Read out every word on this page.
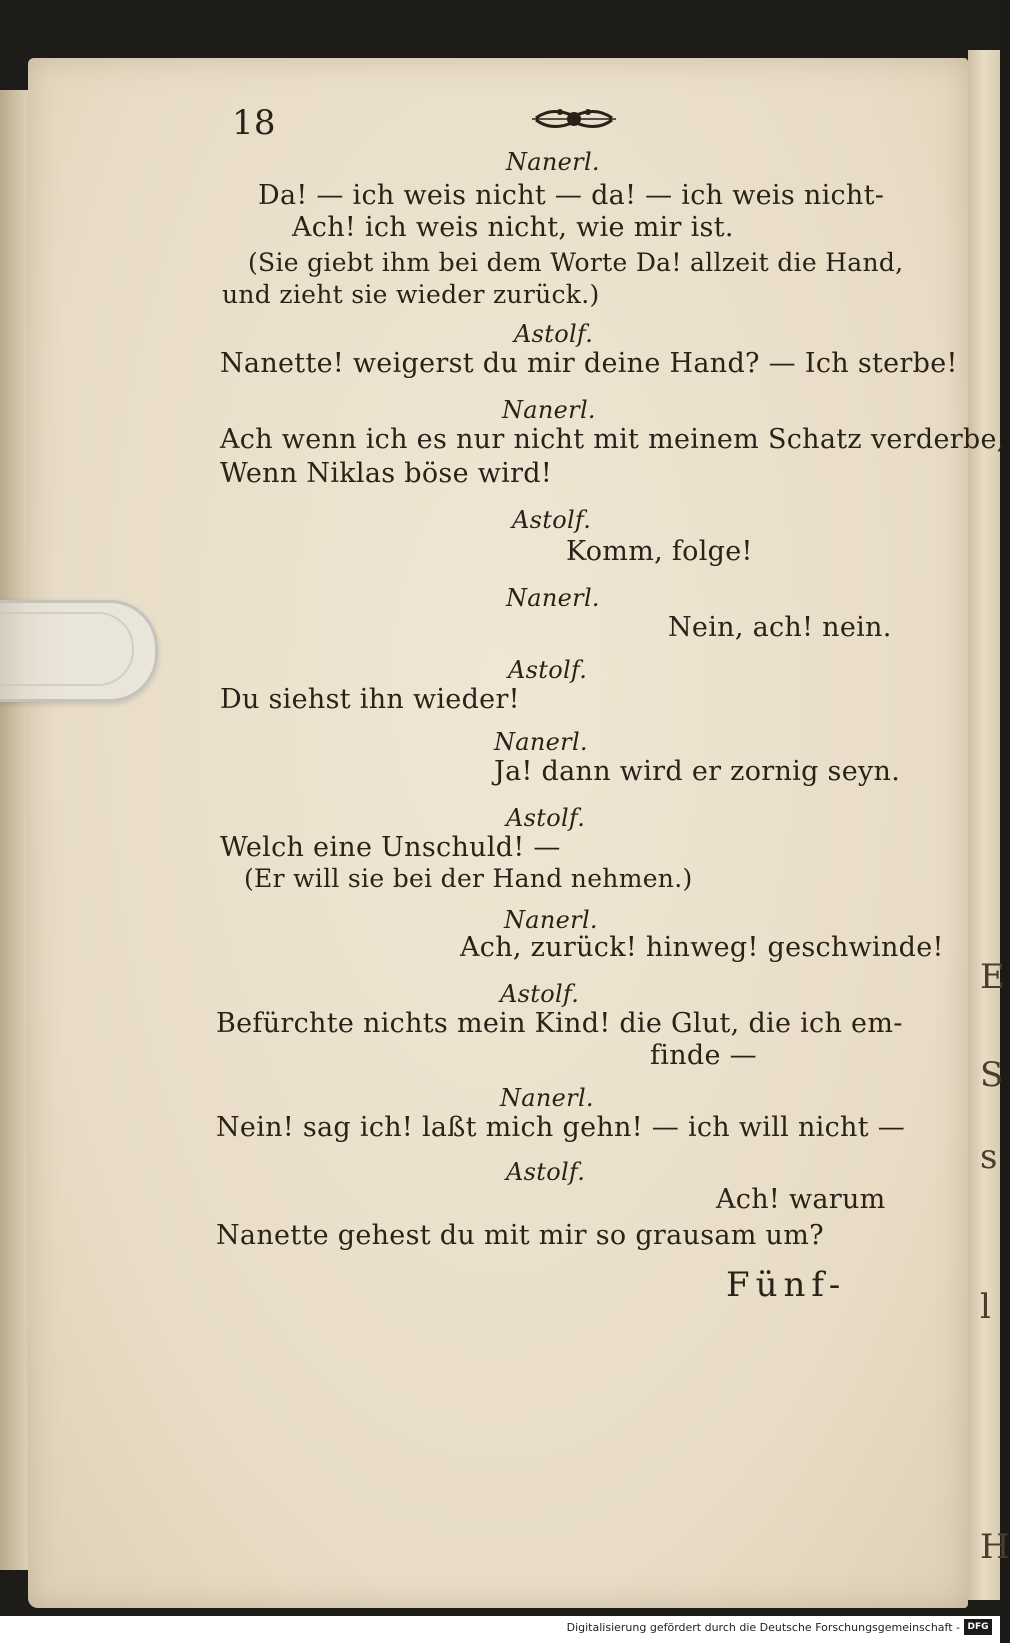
E
S
s
l
H
18
Nanerl.
Da! — ich weis nicht — da! — ich weis nicht-
Ach! ich weis nicht, wie mir ist.
(Sie giebt ihm bei dem Worte Da! allzeit die Hand,
und zieht sie wieder zurück.)
Astolf.
Nanette! weigerst du mir deine Hand? — Ich sterbe!
Nanerl.
Ach wenn ich es nur nicht mit meinem Schatz verderbe,
Wenn Niklas böse wird!
Astolf.
Komm, folge!
Nanerl.
Nein, ach! nein.
Astolf.
Du siehst ihn wieder!
Nanerl.
Ja! dann wird er zornig seyn.
Astolf.
Welch eine Unschuld! —
(Er will sie bei der Hand nehmen.)
Nanerl.
Ach, zurück! hinweg! geschwinde!
Astolf.
Befürchte nichts mein Kind! die Glut, die ich em-
finde —
Nanerl.
Nein! sag ich! laßt mich gehn! — ich will nicht —
Astolf.
Ach! warum
Nanette gehest du mit mir so grausam um?
Fünf-
Digitalisierung gefördert durch die Deutsche Forschungsgemeinschaft - DFG
